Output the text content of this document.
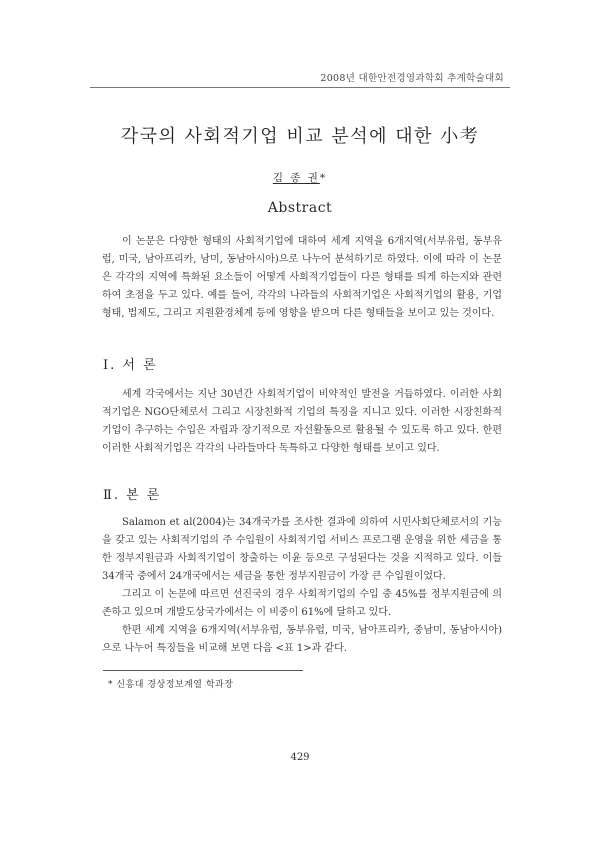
2008년 대한안전경영과학회 추계학술대회
각국의 사회적기업 비교 분석에 대한 小考
김 종 권*
Abstract
이 논문은 다양한 형태의 사회적기업에 대하여 세계 지역을 6개지역(서부유럽, 동부유럽, 미국, 남아프리카, 남미, 동남아시아)으로 나누어 분석하기로 하였다. 이에 따라 이 논문은 각각의 지역에 특화된 요소들이 어떻게 사회적기업들이 다른 형태를 띄게 하는지와 관련하여 초점을 두고 있다. 예를 들어, 각각의 나라들의 사회적기업은 사회적기업의 활용, 기업형태, 법제도, 그리고 지원환경체계 등에 영향을 받으며 다른 형태들을 보이고 있는 것이다.
Ⅰ. 서 론
세계 각국에서는 지난 30년간 사회적기업이 비약적인 발전을 거듭하였다. 이러한 사회적기업은 NGO단체로서 그리고 시장친화적 기업의 특징을 지니고 있다. 이러한 시장친화적 기업이 추구하는 수입은 자립과 장기적으로 자선활동으로 활용될 수 있도록 하고 있다. 한편 이러한 사회적기업은 각각의 나라들마다 독특하고 다양한 형태를 보이고 있다.
Ⅱ. 본 론
Salamon et al(2004)는 34개국가를 조사한 결과에 의하여 시민사회단체로서의 기능을 갖고 있는 사회적기업의 주 수입원이 사회적기업 서비스 프로그램 운영을 위한 세금을 통한 정부지원금과 사회적기업이 창출하는 이윤 등으로 구성된다는 것을 지적하고 있다. 이들 34개국 중에서 24개국에서는 세금을 통한 정부지원금이 가장 큰 수입원이었다.
그리고 이 논문에 따르면 선진국의 경우 사회적기업의 수입 중 45%를 정부지원금에 의존하고 있으며 개발도상국가에서는 이 비중이 61%에 달하고 있다.
한편 세계 지역을 6개지역(서부유럽, 동부유럽, 미국, 남아프리카, 중남미, 동남아시아)으로 나누어 특징들을 비교해 보면 다음 <표 1>과 같다.
* 신흥대 경상정보계열 학과장
429
